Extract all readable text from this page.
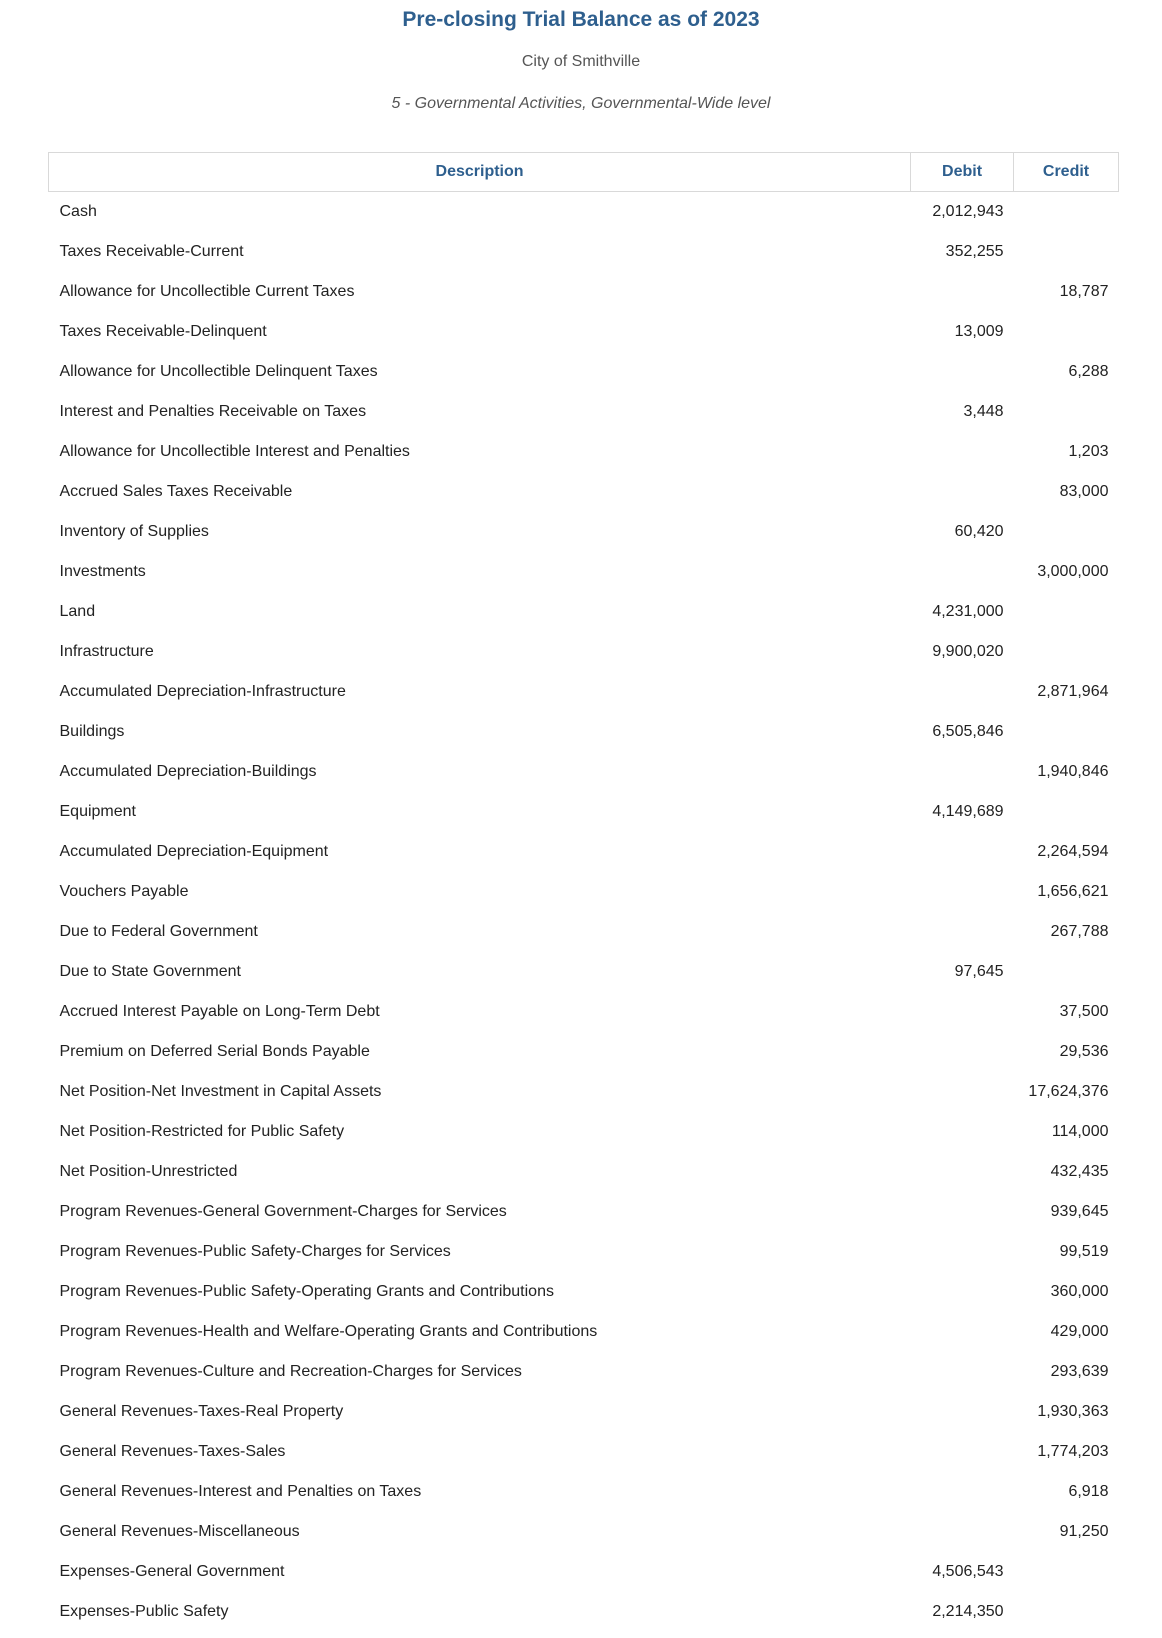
Pre-closing Trial Balance as of 2023
City of Smithville
5 - Governmental Activities, Governmental-Wide level
Description	Debit	Credit
Cash	2,012,943	
Taxes Receivable-Current	352,255	
Allowance for Uncollectible Current Taxes		18,787
Taxes Receivable-Delinquent	13,009	
Allowance for Uncollectible Delinquent Taxes		6,288
Interest and Penalties Receivable on Taxes	3,448	
Allowance for Uncollectible Interest and Penalties		1,203
Accrued Sales Taxes Receivable		83,000
Inventory of Supplies	60,420	
Investments		3,000,000
Land	4,231,000	
Infrastructure	9,900,020	
Accumulated Depreciation-Infrastructure		2,871,964
Buildings	6,505,846	
Accumulated Depreciation-Buildings		1,940,846
Equipment	4,149,689	
Accumulated Depreciation-Equipment		2,264,594
Vouchers Payable		1,656,621
Due to Federal Government		267,788
Due to State Government	97,645	
Accrued Interest Payable on Long-Term Debt		37,500
Premium on Deferred Serial Bonds Payable		29,536
Net Position-Net Investment in Capital Assets		17,624,376
Net Position-Restricted for Public Safety		114,000
Net Position-Unrestricted		432,435
Program Revenues-General Government-Charges for Services		939,645
Program Revenues-Public Safety-Charges for Services		99,519
Program Revenues-Public Safety-Operating Grants and Contributions		360,000
Program Revenues-Health and Welfare-Operating Grants and Contributions		429,000
Program Revenues-Culture and Recreation-Charges for Services		293,639
General Revenues-Taxes-Real Property		1,930,363
General Revenues-Taxes-Sales		1,774,203
General Revenues-Interest and Penalties on Taxes		6,918
General Revenues-Miscellaneous		91,250
Expenses-General Government	4,506,543	
Expenses-Public Safety	2,214,350	
